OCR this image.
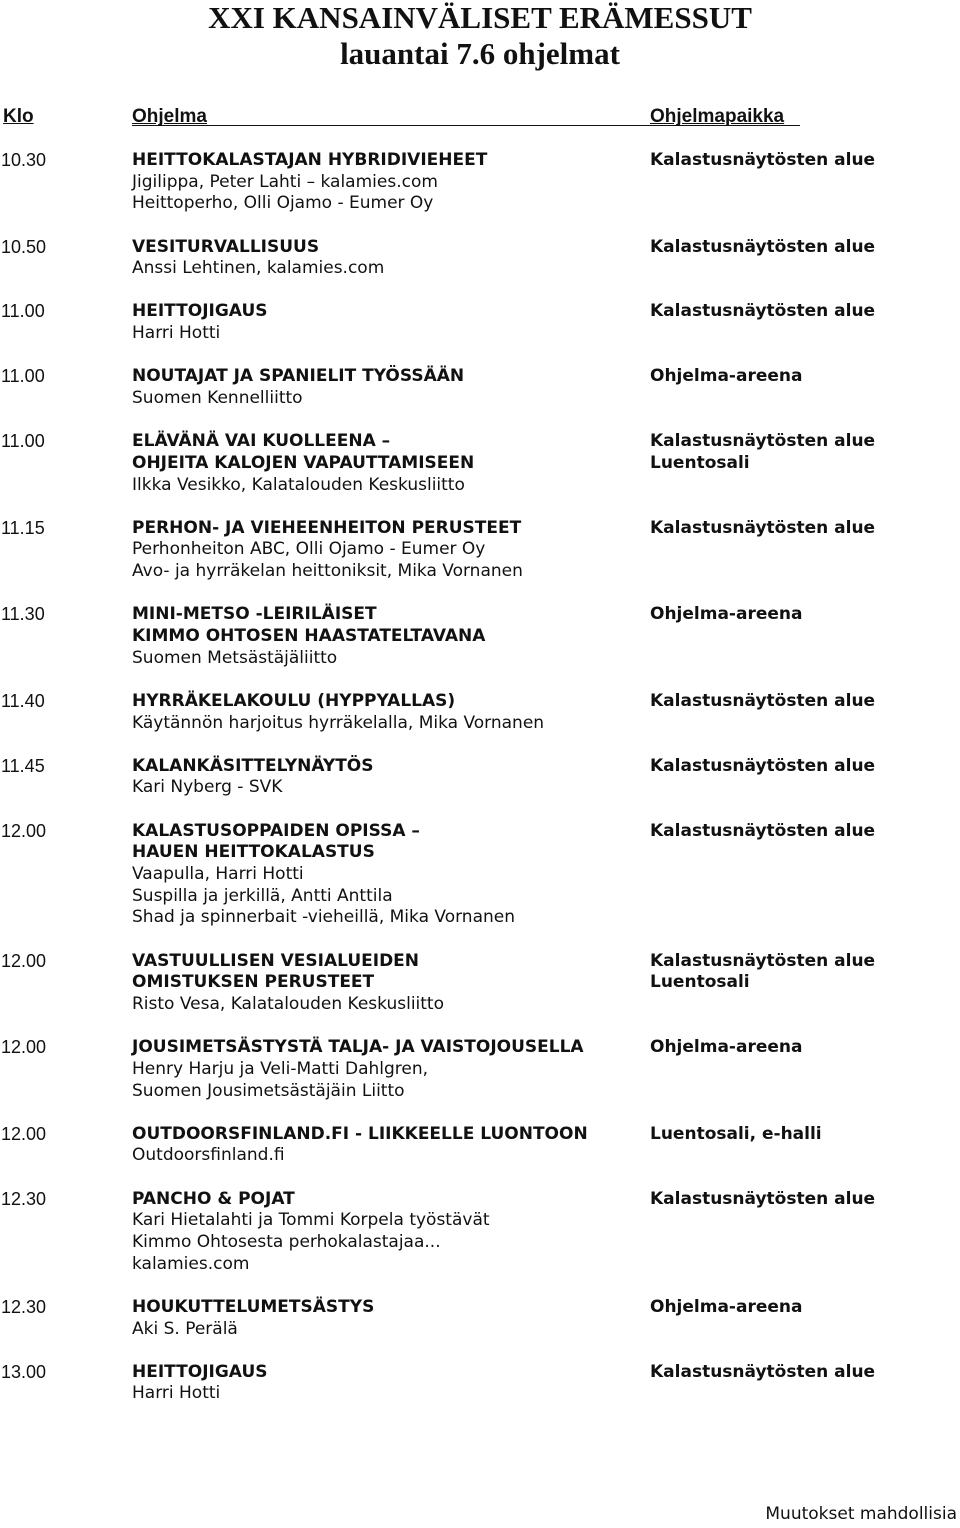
XXI KANSAINVÄLISET ERÄMESSUT
lauantai 7.6 ohjelmat
Klo	Ohjelma	Ohjelmapaikka
10.30	HEITTOKALASTAJAN HYBRIDIVIEHEET	Kalastusnäytösten alue
Jigilippa, Peter Lahti – kalamies.com
Heittoperho, Olli Ojamo - Eumer Oy
10.50	VESITURVALLISUUS	Kalastusnäytösten alue
Anssi Lehtinen, kalamies.com
11.00	HEITTOJIGAUS	Kalastusnäytösten alue
Harri Hotti
11.00	NOUTAJAT JA SPANIELIT TYÖSSÄÄN	Ohjelma-areena
Suomen Kennelliitto
11.00	ELÄVÄNÄ VAI KUOLLEENA –	Kalastusnäytösten alue
OHJEITA KALOJEN VAPAUTTAMISEEN	Luentosali
Ilkka Vesikko, Kalatalouden Keskusliitto
11.15	PERHON- JA VIEHEENHEITON PERUSTEET	Kalastusnäytösten alue
Perhonheiton ABC, Olli Ojamo - Eumer Oy
Avo- ja hyrräkelan heittoniksit, Mika Vornanen
11.30	MINI-METSO -LEIRILÄISET	Ohjelma-areena
KIMMO OHTOSEN HAASTATELTAVANA
Suomen Metsästäjäliitto
11.40	HYRRÄKELAKOULU (HYPPYALLAS)	Kalastusnäytösten alue
Käytännön harjoitus hyrräkelalla, Mika Vornanen
11.45	KALANKÄSITTELYNÄYTÖS	Kalastusnäytösten alue
Kari Nyberg - SVK
12.00	KALASTUSOPPAIDEN OPISSA –	Kalastusnäytösten alue
HAUEN HEITTOKALASTUS
Vaapulla, Harri Hotti
Suspilla ja jerkillä, Antti Anttila
Shad ja spinnerbait -vieheillä, Mika Vornanen
12.00	VASTUULLISEN VESIALUEIDEN	Kalastusnäytösten alue
OMISTUKSEN PERUSTEET	Luentosali
Risto Vesa, Kalatalouden Keskusliitto
12.00	JOUSIMETSÄSTYSTÄ TALJA- JA VAISTOJOUSELLA	Ohjelma-areena
Henry Harju ja Veli-Matti Dahlgren,
Suomen Jousimetsästäjäin Liitto
12.00	OUTDOORSFINLAND.FI - LIIKKEELLE LUONTOON	Luentosali, e-halli
Outdoorsfinland.fi
12.30	PANCHO & POJAT	Kalastusnäytösten alue
Kari Hietalahti ja Tommi Korpela työstävät
Kimmo Ohtosesta perhokalastajaa...
kalamies.com
12.30	HOUKUTTELUMETSÄSTYS	Ohjelma-areena
Aki S. Perälä
13.00	HEITTOJIGAUS	Kalastusnäytösten alue
Harri Hotti
Muutokset mahdollisia
